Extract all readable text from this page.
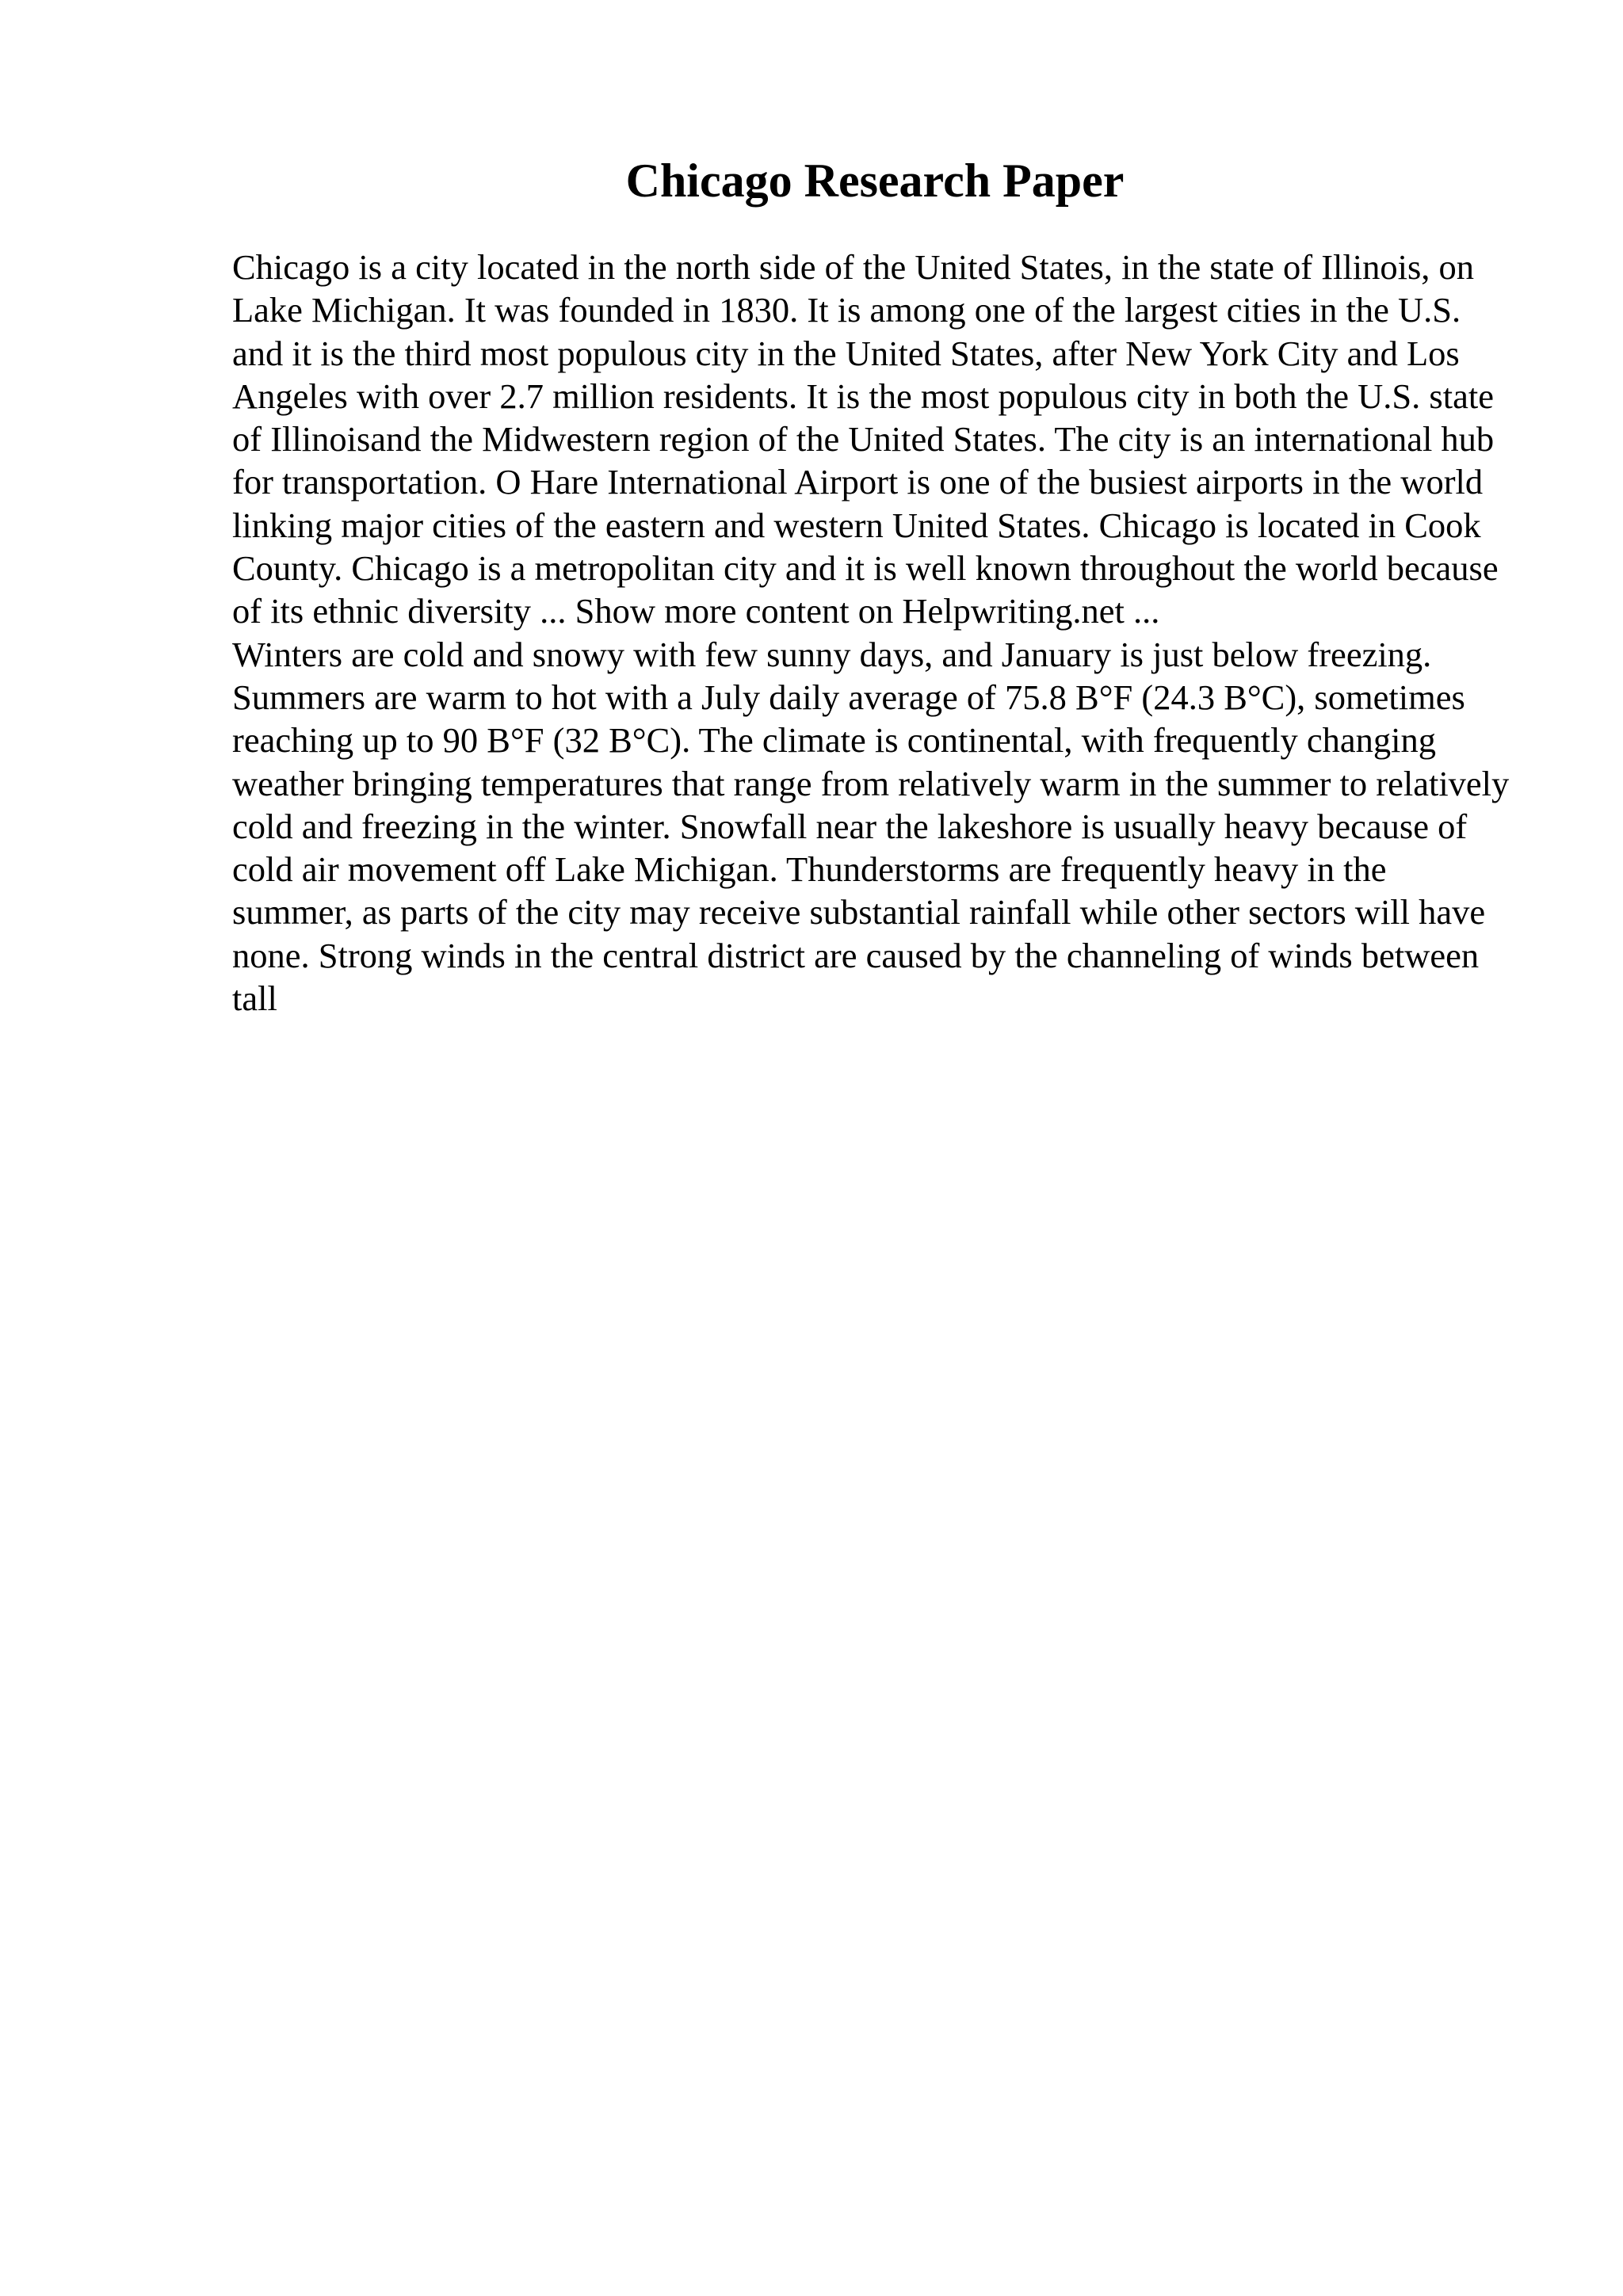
Chicago Research Paper

Chicago is a city located in the north side of the United States, in the state of Illinois, on Lake Michigan. It was founded in 1830. It is among one of the largest cities in the U.S. and it is the third most populous city in the United States, after New York City and Los Angeles with over 2.7 million residents. It is the most populous city in both the U.S. state of Illinoisand the Midwestern region of the United States. The city is an international hub for transportation. O Hare International Airport is one of the busiest airports in the world linking major cities of the eastern and western United States. Chicago is located in Cook County. Chicago is a metropolitan city and it is well known throughout the world because of its ethnic diversity ... Show more content on Helpwriting.net ...

Winters are cold and snowy with few sunny days, and January is just below freezing. Summers are warm to hot with a July daily average of 75.8 B°F (24.3 B°C), sometimes reaching up to 90 B°F (32 B°C). The climate is continental, with frequently changing weather bringing temperatures that range from relatively warm in the summer to relatively cold and freezing in the winter. Snowfall near the lakeshore is usually heavy because of cold air movement off Lake Michigan. Thunderstorms are frequently heavy in the summer, as parts of the city may receive substantial rainfall while other sectors will have none. Strong winds in the central district are caused by the channeling of winds between tall
